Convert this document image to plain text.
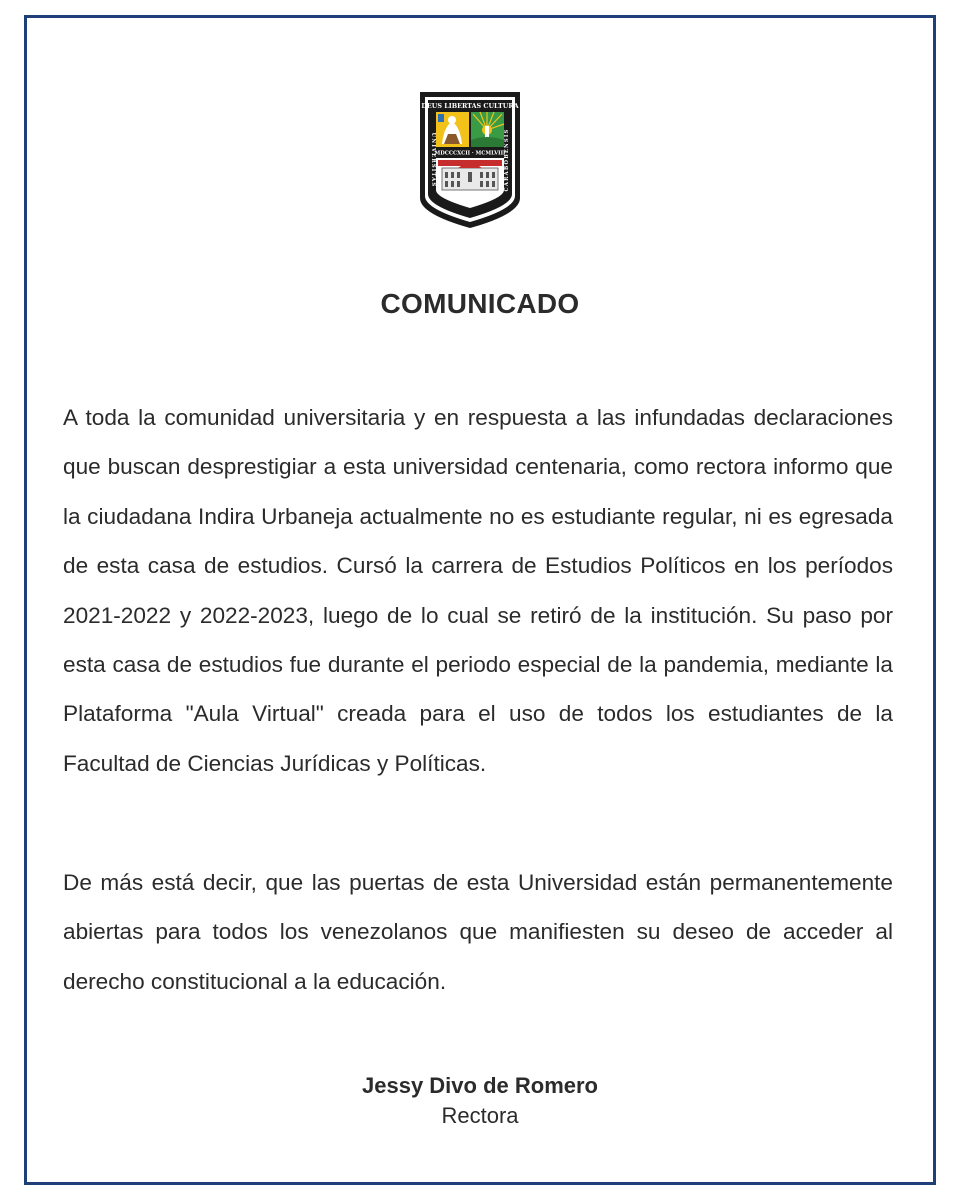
DEUS LIBERTAS CULTURA
MDCCCXCII · MCMLVIII
UNIVERSITAS	CARABOBENSIS
COMUNICADO

A toda la comunidad universitaria y en respuesta a las infundadas declaraciones que buscan desprestigiar a esta universidad centenaria, como rectora informo que la ciudadana Indira Urbaneja actualmente no es estudiante regular, ni es egresada de esta casa de estudios. Cursó la carrera de Estudios Políticos en los períodos 2021-2022 y 2022-2023, luego de lo cual se retiró de la institución. Su paso por esta casa de estudios fue durante el periodo especial de la pandemia, mediante la Plataforma "Aula Virtual" creada para el uso de todos los estudiantes de la Facultad de Ciencias Jurídicas y Políticas.

De más está decir, que las puertas de esta Universidad están permanentemente abiertas para todos los venezolanos que manifiesten su deseo de acceder al derecho constitucional a la educación.

Jessy Divo de Romero
Rectora
